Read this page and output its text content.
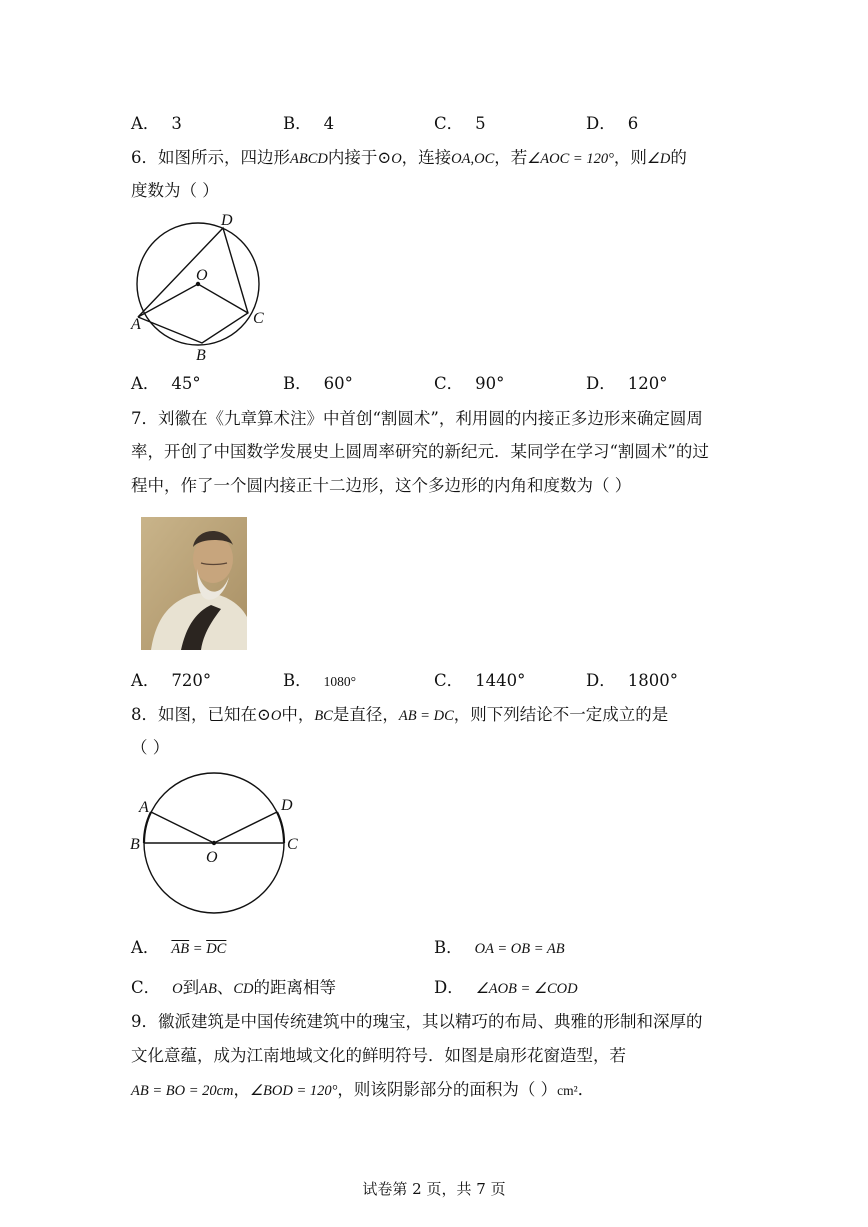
A． 3	B． 4	C． 5	D． 6
6．如图所示，四边形ABCD内接于⊙O，连接OA,OC，若∠AOC = 120°，则∠D的
度数为（ ）
D
O
A	C
B
A． 45°	B． 60°	C． 90°	D． 120°
7．刘徽在《九章算术注》中首创“割圆术”，利用圆的内接正多边形来确定圆周
率，开创了中国数学发展史上圆周率研究的新纪元．某同学在学习“割圆术”的过
程中，作了一个圆内接正十二边形，这个多边形的内角和度数为（ ）
A． 720°	B． 1080°	C． 1440°	D． 1800°
8．如图，已知在⊙O中，BC是直径，AB = DC，则下列结论不一定成立的是
（ ）
A	D
B
O
C
A． $\overline{AB} = \overline{DC}$	B． OA = OB = AB
C． O到AB、CD的距离相等	D． ∠AOB = ∠COD
9．徽派建筑是中国传统建筑中的瑰宝，其以精巧的布局、典雅的形制和深厚的
文化意蕴，成为江南地域文化的鲜明符号．如图是扇形花窗造型，若
AB = BO = 20cm，∠BOD = 120°，则该阴影部分的面积为（ ）cm²．
试卷第 2 页，共 7 页
